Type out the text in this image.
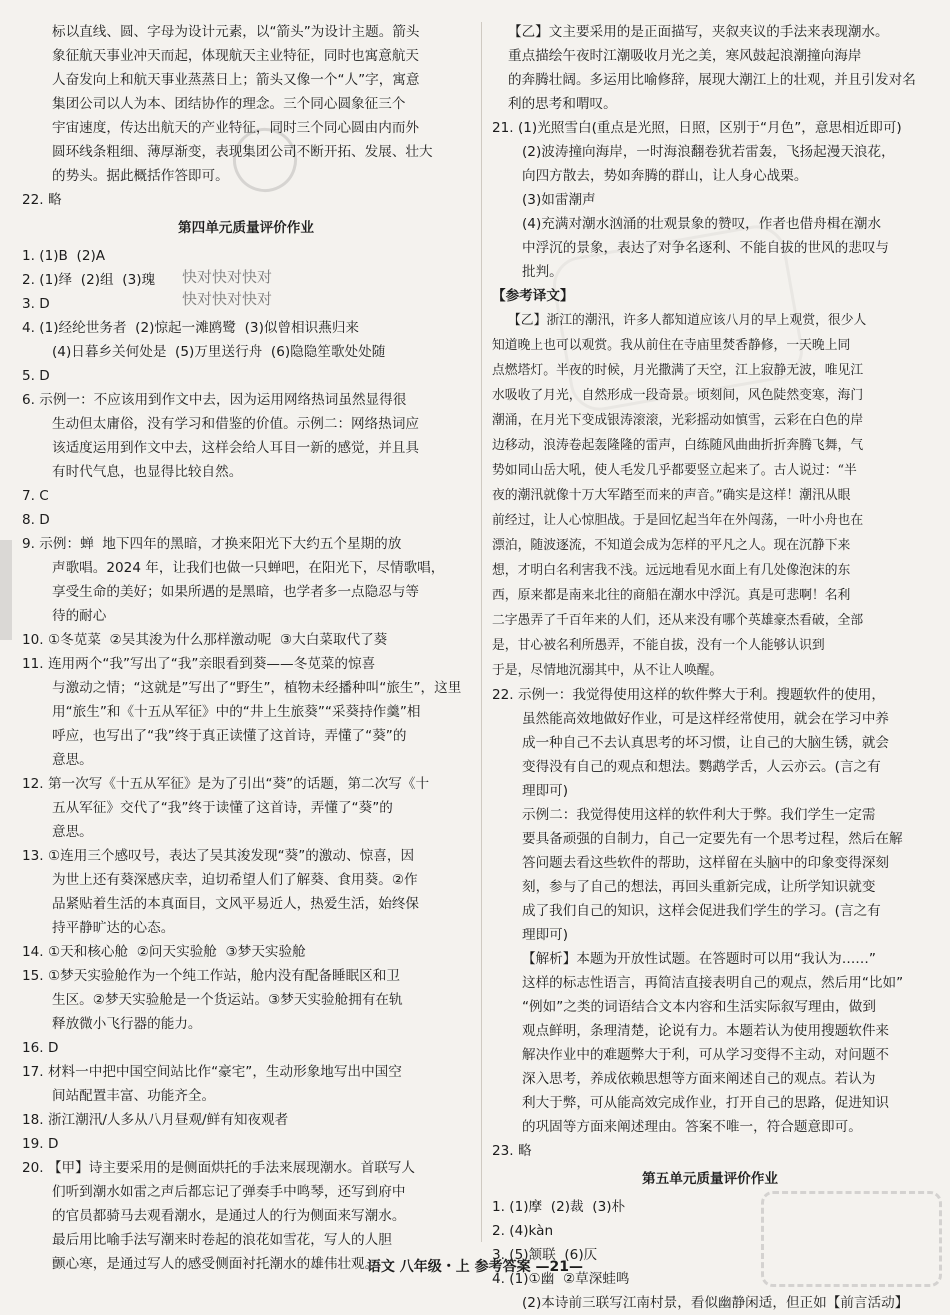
标以直线、圆、字母为设计元素，以“箭头”为设计主题。箭头

象征航天事业冲天而起，体现航天主业特征，同时也寓意航天

人奋发向上和航天事业蒸蒸日上；箭头又像一个“人”字，寓意

集团公司以人为本、团结协作的理念。三个同心圆象征三个

宇宙速度，传达出航天的产业特征，同时三个同心圆由内而外

圆环线条粗细、薄厚渐变，表现集团公司不断开拓、发展、壮大

的势头。据此概括作答即可。

22. 略

第四单元质量评价作业

1. (1)B  (2)A

2. (1)绎  (2)组  (3)瑰

3. D

4. (1)经纶世务者  (2)惊起一滩鸥鹭  (3)似曾相识燕归来

(4)日暮乡关何处是  (5)万里送行舟  (6)隐隐笙歌处处随

5. D

6. 示例一：不应该用到作文中去，因为运用网络热词虽然显得很

生动但太庸俗，没有学习和借鉴的价值。示例二：网络热词应

该适度运用到作文中去，这样会给人耳目一新的感觉，并且具

有时代气息，也显得比较自然。

7. C

8. D

9. 示例：蝉  地下四年的黑暗，才换来阳光下大约五个星期的放

声歌唱。2024 年，让我们也做一只蝉吧，在阳光下，尽情歌唱，

享受生命的美好；如果所遇的是黑暗，也学者多一点隐忍与等

待的耐心

10. ①冬苋菜  ②吴其浚为什么那样激动呢  ③大白菜取代了葵

11. 连用两个“我”写出了“我”亲眼看到葵——冬苋菜的惊喜

与激动之情；“这就是”写出了“野生”，植物未经播种叫“旅生”，这里

用“旅生”和《十五从军征》中的“井上生旅葵”“采葵持作羹”相

呼应，也写出了“我”终于真正读懂了这首诗，弄懂了“葵”的

意思。

12. 第一次写《十五从军征》是为了引出“葵”的话题，第二次写《十

五从军征》交代了“我”终于读懂了这首诗，弄懂了“葵”的

意思。

13. ①连用三个感叹号，表达了吴其浚发现“葵”的激动、惊喜，因

为世上还有葵深感庆幸，迫切希望人们了解葵、食用葵。②作

品紧贴着生活的本真面目，文风平易近人，热爱生活，始终保

持平静旷达的心态。

14. ①天和核心舱  ②问天实验舱  ③梦天实验舱

15. ①梦天实验舱作为一个纯工作站，舱内没有配备睡眠区和卫

生区。②梦天实验舱是一个货运站。③梦天实验舱拥有在轨

释放微小飞行器的能力。

16. D

17. 材料一中把中国空间站比作“豪宅”，生动形象地写出中国空

间站配置丰富、功能齐全。

18. 浙江潮汛/人多从八月昼观/鲜有知夜观者

19. D

20. 【甲】诗主要采用的是侧面烘托的手法来展现潮水。首联写人

们听到潮水如雷之声后都忘记了弹奏手中鸣琴，还写到府中

的官员都骑马去观看潮水，是通过人的行为侧面来写潮水。

最后用比喻手法写潮来时卷起的浪花如雪花，写人的人胆

颤心寒，是通过写人的感受侧面衬托潮水的雄伟壮观。

【乙】文主要采用的是正面描写，夹叙夹议的手法来表现潮水。

重点描绘午夜时江潮吸收月光之美，寒风鼓起浪潮撞向海岸

的奔腾壮阔。多运用比喻修辞，展现大潮江上的壮观，并且引发对名

利的思考和喟叹。

21. (1)光照雪白(重点是光照，日照，区别于“月色”，意思相近即可)

(2)波涛撞向海岸，一时海浪翻卷犹若雷轰，飞扬起漫天浪花，

向四方散去，势如奔腾的群山，让人身心战栗。

(3)如雷潮声

(4)充满对潮水汹涌的壮观景象的赞叹，作者也借舟楫在潮水

中浮沉的景象，表达了对争名逐利、不能自拔的世风的悲叹与

批判。

【参考译文】

【乙】浙江的潮汛，许多人都知道应该八月的早上观赏，很少人

知道晚上也可以观赏。我从前住在寺庙里焚香静修，一天晚上同

点燃塔灯。半夜的时候，月光撒满了天空，江上寂静无波，唯见江

水吸收了月光，自然形成一段奇景。顷刻间，风色陡然变寒，海门

潮涌，在月光下变成银涛滚滚，光彩摇动如慎雪，云彩在白色的岸

边移动，浪涛卷起轰隆隆的雷声，白练随风曲曲折折奔腾飞舞，气

势如同山岳大吼，使人毛发几乎都要竖立起来了。古人说过：“半

夜的潮汛就像十万大军踏至而来的声音。”确实是这样！潮汛从眼

前经过，让人心惊胆战。于是回忆起当年在外闯荡，一叶小舟也在

漂泊，随波逐流，不知道会成为怎样的平凡之人。现在沉静下来

想，才明白名利害我不浅。远远地看见水面上有几处像泡沫的东

西，原来都是南来北往的商船在潮水中浮沉。真是可悲啊！名利

二字愚弄了千百年来的人们，还从来没有哪个英雄豪杰看破，全部

是，甘心被名利所愚弄，不能自拔，没有一个人能够认识到

于是，尽情地沉溺其中，从不让人唤醒。

22. 示例一：我觉得使用这样的软件弊大于利。搜题软件的使用，

虽然能高效地做好作业，可是这样经常使用，就会在学习中养

成一种自己不去认真思考的坏习惯，让自己的大脑生锈，就会

变得没有自己的观点和想法。鹦鹉学舌，人云亦云。(言之有

理即可)

示例二：我觉得使用这样的软件利大于弊。我们学生一定需

要具备顽强的自制力，自己一定要先有一个思考过程，然后在解

答问题去看这些软件的帮助，这样留在头脑中的印象变得深刻

刻，参与了自己的想法，再回头重新完成，让所学知识就变

成了我们自己的知识，这样会促进我们学生的学习。(言之有

理即可)

【解析】本题为开放性试题。在答题时可以用“我认为……”

这样的标志性语言，再简洁直接表明自己的观点，然后用“比如”

“例如”之类的词语结合文本内容和生活实际叙写理由，做到

观点鲜明，条理清楚，论说有力。本题若认为使用搜题软件来

解决作业中的难题弊大于利，可从学习变得不主动，对问题不

深入思考，养成依赖思想等方面来阐述自己的观点。若认为

利大于弊，可从能高效完成作业，打开自己的思路，促进知识

的巩固等方面来阐述理由。答案不唯一，符合题意即可。

23. 略

第五单元质量评价作业

1. (1)摩  (2)裁  (3)朴

2. (4)kàn

3. (5)颔联  (6)仄

4. (1)①幽  ②草深蛙鸣

(2)本诗前三联写江南村景，看似幽静闲适，但正如【前言活动】

快对快对快对
快对快对快对
语文 八年级・上 参考答案 —21—
